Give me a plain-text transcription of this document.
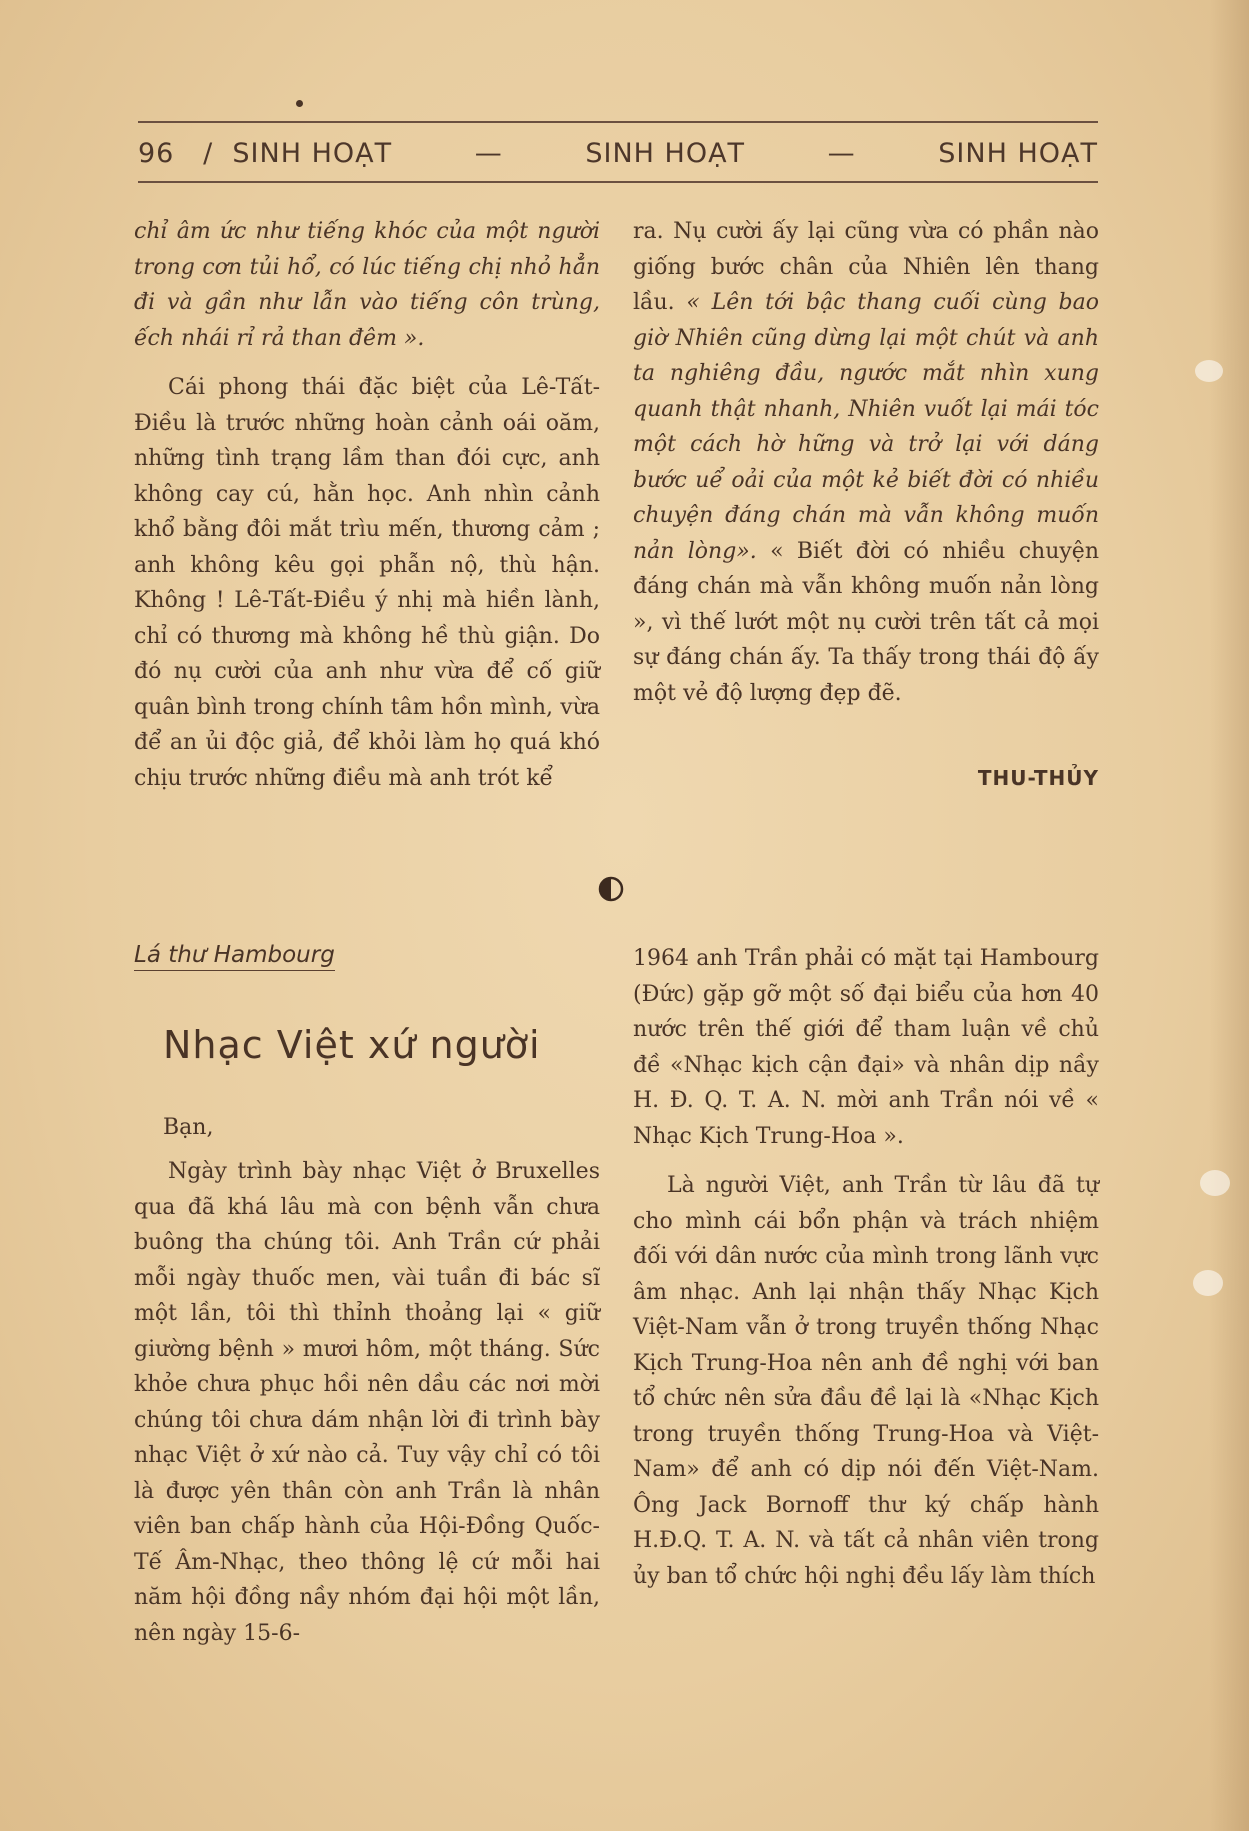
96 / SINH HOẠT	—	SINH HOẠT	—	SINH HOẠT

chỉ âm ức như tiếng khóc của một người trong cơn tủi hổ, có lúc tiếng chị nhỏ hẳn đi và gần như lẫn vào tiếng côn trùng, ếch nhái rỉ rả than đêm ».

Cái phong thái đặc biệt của Lê-Tất-Điều là trước những hoàn cảnh oái oăm, những tình trạng lầm than đói cực, anh không cay cú, hằn học. Anh nhìn cảnh khổ bằng đôi mắt trìu mến, thương cảm ; anh không kêu gọi phẫn nộ, thù hận. Không ! Lê-Tất-Điều ý nhị mà hiền lành, chỉ có thương mà không hề thù giận. Do đó nụ cười của anh như vừa để cố giữ quân bình trong chính tâm hồn mình, vừa để an ủi độc giả, để khỏi làm họ quá khó chịu trước những điều mà anh trót kể

ra. Nụ cười ấy lại cũng vừa có phần nào giống bước chân của Nhiên lên thang lầu. « Lên tới bậc thang cuối cùng bao giờ Nhiên cũng dừng lại một chút và anh ta nghiêng đầu, ngước mắt nhìn xung quanh thật nhanh, Nhiên vuốt lại mái tóc một cách hờ hững và trở lại với dáng bước uể oải của một kẻ biết đời có nhiều chuyện đáng chán mà vẫn không muốn nản lòng». « Biết đời có nhiều chuyện đáng chán mà vẫn không muốn nản lòng », vì thế lướt một nụ cười trên tất cả mọi sự đáng chán ấy. Ta thấy trong thái độ ấy một vẻ độ lượng đẹp đẽ.

THU-THỦY
Lá thư Hambourg
Nhạc Việt xứ người
Bạn,

Ngày trình bày nhạc Việt ở Bruxelles qua đã khá lâu mà con bệnh vẫn chưa buông tha chúng tôi. Anh Trần cứ phải mỗi ngày thuốc men, vài tuần đi bác sĩ một lần, tôi thì thỉnh thoảng lại « giữ giường bệnh » mươi hôm, một tháng. Sức khỏe chưa phục hồi nên dầu các nơi mời chúng tôi chưa dám nhận lời đi trình bày nhạc Việt ở xứ nào cả. Tuy vậy chỉ có tôi là được yên thân còn anh Trần là nhân viên ban chấp hành của Hội-Đồng Quốc-Tế Âm-Nhạc, theo thông lệ cứ mỗi hai năm hội đồng nầy nhóm đại hội một lần, nên ngày 15-6-

1964 anh Trần phải có mặt tại Hambourg (Đức) gặp gỡ một số đại biểu của hơn 40 nước trên thế giới để tham luận về chủ đề «Nhạc kịch cận đại» và nhân dịp nầy H. Đ. Q. T. A. N. mời anh Trần nói về « Nhạc Kịch Trung-Hoa ».

Là người Việt, anh Trần từ lâu đã tự cho mình cái bổn phận và trách nhiệm đối với dân nước của mình trong lãnh vực âm nhạc. Anh lại nhận thấy Nhạc Kịch Việt-Nam vẫn ở trong truyền thống Nhạc Kịch Trung-Hoa nên anh đề nghị với ban tổ chức nên sửa đầu đề lại là «Nhạc Kịch trong truyền thống Trung-Hoa và Việt-Nam» để anh có dịp nói đến Việt-Nam. Ông Jack Bornoff thư ký chấp hành H.Đ.Q. T. A. N. và tất cả nhân viên trong ủy ban tổ chức hội nghị đều lấy làm thích
